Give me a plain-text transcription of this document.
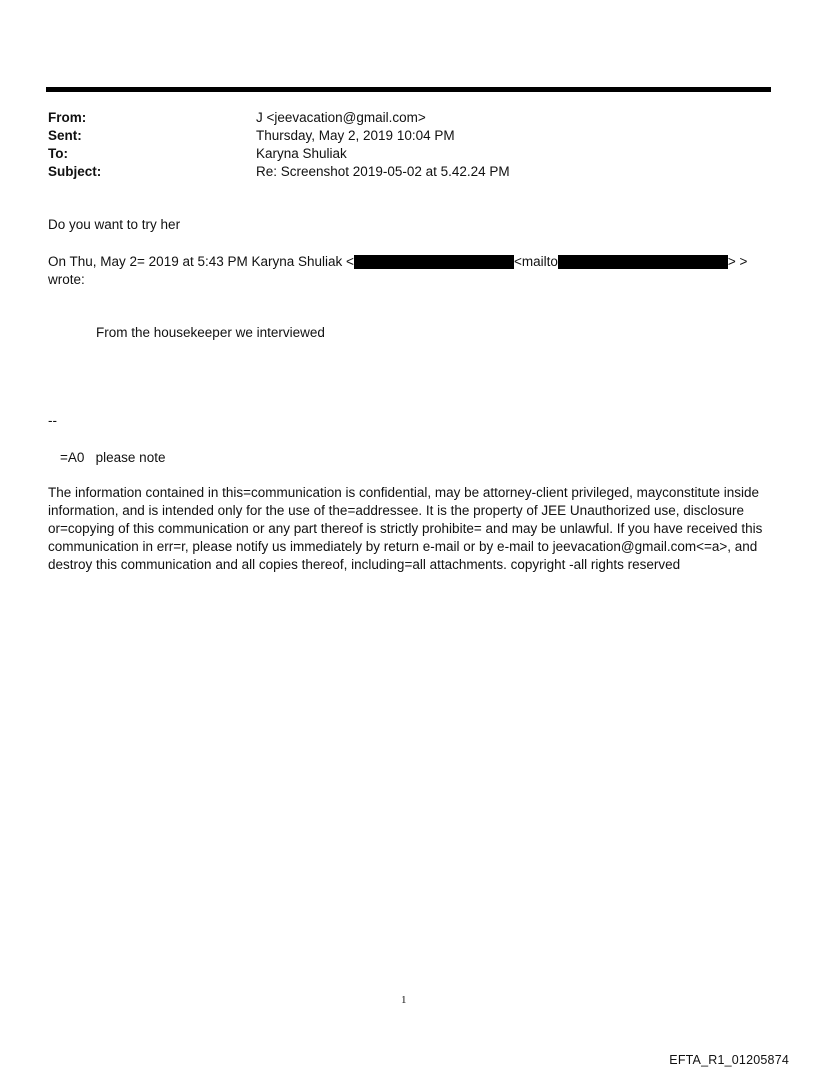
From:	J <jeevacation@gmail.com>
Sent:	Thursday, May 2, 2019 10:04 PM
To:	Karyna Shuliak
Subject:	Re: Screenshot 2019-05-02 at 5.42.24 PM
Do you want to try her
On Thu, May 2= 2019 at 5:43 PM Karyna Shuliak <	<mailto	> >
wrote:
From the housekeeper we interviewed
--
=A0   please note
The information contained in this=communication is confidential, may be attorney-client privileged, mayconstitute inside information, and is intended only for the use of the=addressee. It is the property of JEE Unauthorized use, disclosure or=copying of this communication or any part thereof is strictly prohibite= and may be unlawful. If you have received this communication in err=r, please notify us immediately by return e-mail or by e-mail to jeevacation@gmail.com<=a>, and destroy this communication and all copies thereof, including=all attachments. copyright -all rights reserved
1
EFTA_R1_01205874
